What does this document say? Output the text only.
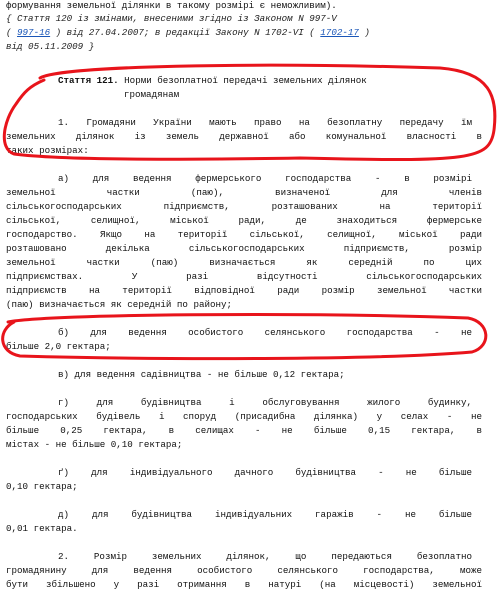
формування земельної ділянки в такому розмірі є неможливим).
{ Стаття 120 із змінами, внесеними згідно із Законом N 997-V
( 997-16 ) від 27.04.2007; в редакції Закону N 1702-VI ( 1702-17 )
від 05.11.2009 }
Стаття 121. Норми безоплатної передачі земельних ділянок
громадянам
1. Громадяни України мають право на безоплатну передачу їм
земельних ділянок із земель державної або комунальної власності в
таких розмірах:
а) для ведення фермерського господарства - в розмірі
земельної частки (паю), визначеної для членів
сільськогосподарських підприємств, розташованих на території
сільської, селищної, міської ради, де знаходиться фермерське
господарство. Якщо на території сільської, селищної, міської ради
розташовано декілька сільськогосподарських підприємств, розмір
земельної частки (паю) визначається як середній по цих
підприємствах. У разі відсутності сільськогосподарських
підприємств на території відповідної ради розмір земельної частки
(паю) визначається як середній по району;
б) для ведення особистого селянського господарства - не
більше 2,0 гектара;
в) для ведення садівництва - не більше 0,12 гектара;
г) для будівництва і обслуговування жилого будинку,
господарських будівель і споруд (присадибна ділянка) у селах - не
більше 0,25 гектара, в селищах - не більше 0,15 гектара, в
містах - не більше 0,10 гектара;
ґ) для індивідуального дачного будівництва - не більше
0,10 гектара;
д) для будівництва індивідуальних гаражів - не більше
0,01 гектара.
2. Розмір земельних ділянок, що передаються безоплатно
громадянину для ведення особистого селянського господарства, може
бути збільшено у разі отримання в натурі (на місцевості) земельної
